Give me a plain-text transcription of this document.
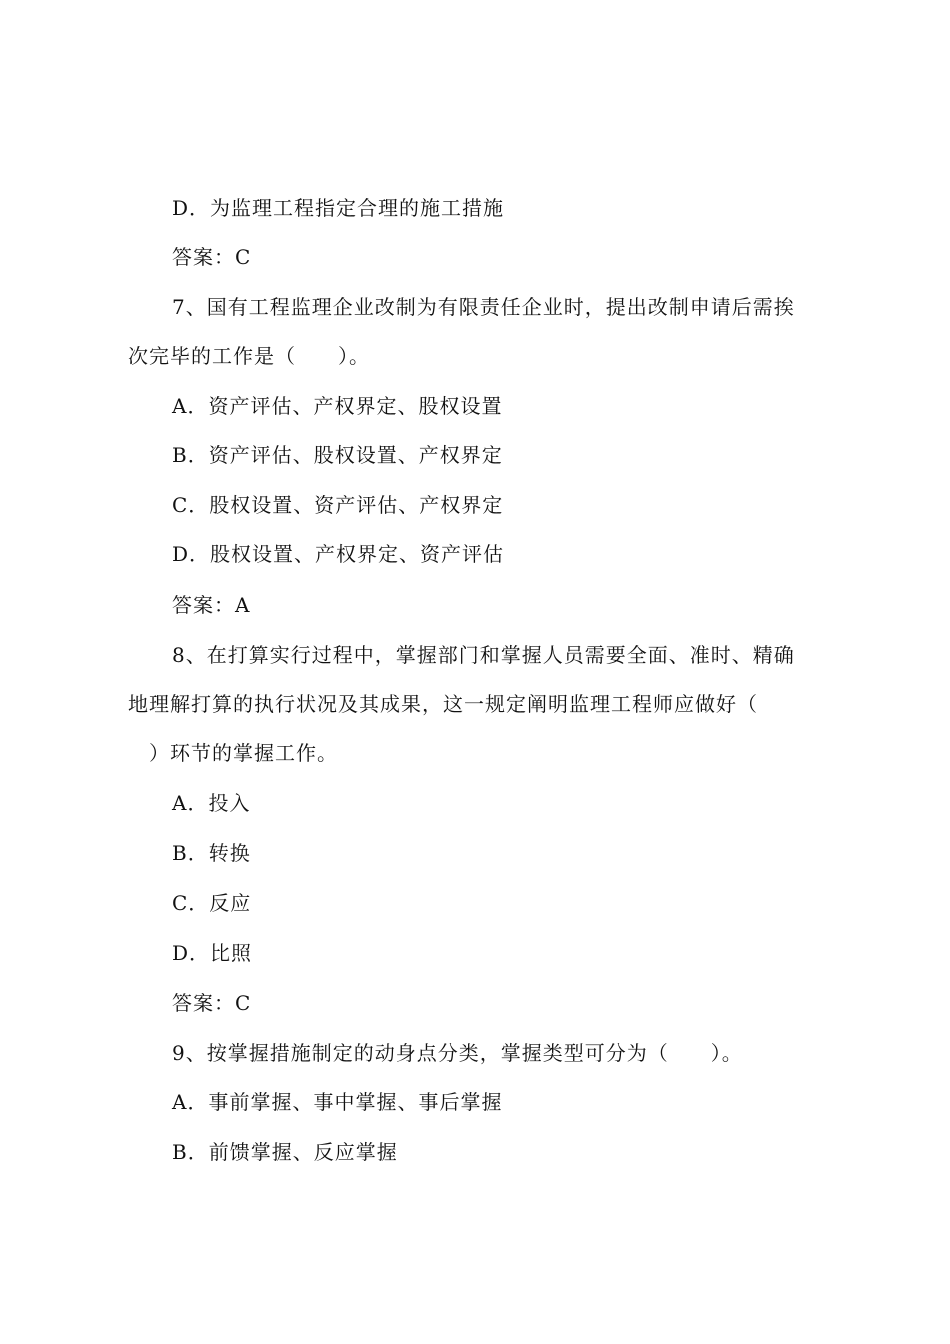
D．为监理工程指定合理的施工措施
答案：C
7、国有工程监理企业改制为有限责任企业时，提出改制申请后需挨
次完毕的工作是（　　）。
A．资产评估、产权界定、股权设置
B．资产评估、股权设置、产权界定
C．股权设置、资产评估、产权界定
D．股权设置、产权界定、资产评估
答案：A
8、在打算实行过程中，掌握部门和掌握人员需要全面、准时、精确
地理解打算的执行状况及其成果，这一规定阐明监理工程师应做好（
　）环节的掌握工作。
A．投入
B．转换
C．反应
D．比照
答案：C
9、按掌握措施制定的动身点分类，掌握类型可分为（　　）。
A．事前掌握、事中掌握、事后掌握
B．前馈掌握、反应掌握
